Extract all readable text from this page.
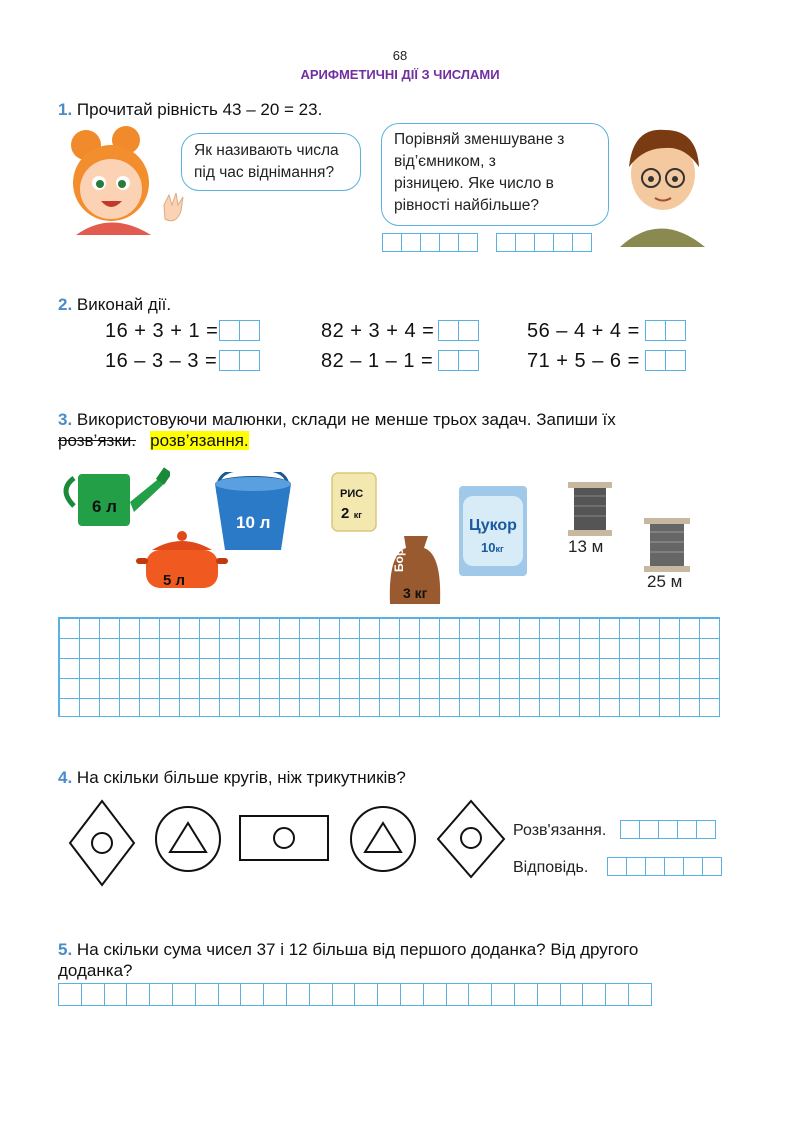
68
АРИФМЕТИЧНІ ДІЇ З ЧИСЛАМИ
1. Прочитай рівність 43 – 20 = 23.
Як називають числа
під час віднімання?
Порівняй зменшуване з
від’ємником, з
різницею. Яке число в
рівності найбільше?
2. Виконай дії.
16 + 3 + 1 =	82 + 3 + 4 =	56 – 4 + 4 =
16 – 3 – 3 =	82 – 1 – 1 =	71 + 5 – 6 =
3. Використовуючи малюнки, склади не менше трьох задач. Запиши їх
розв’язки. розв’язання.
6 л
10 л
5 л
РИС
2 кг
Борошно
3 кг
Цукор
10кг	13 м
25 м
4. На скільки більше кругів, ніж трикутників?
Розв'язання.
Відповідь.
5. На скільки сума чисел 37 і 12 більша від першого доданка? Від другого
доданка?
